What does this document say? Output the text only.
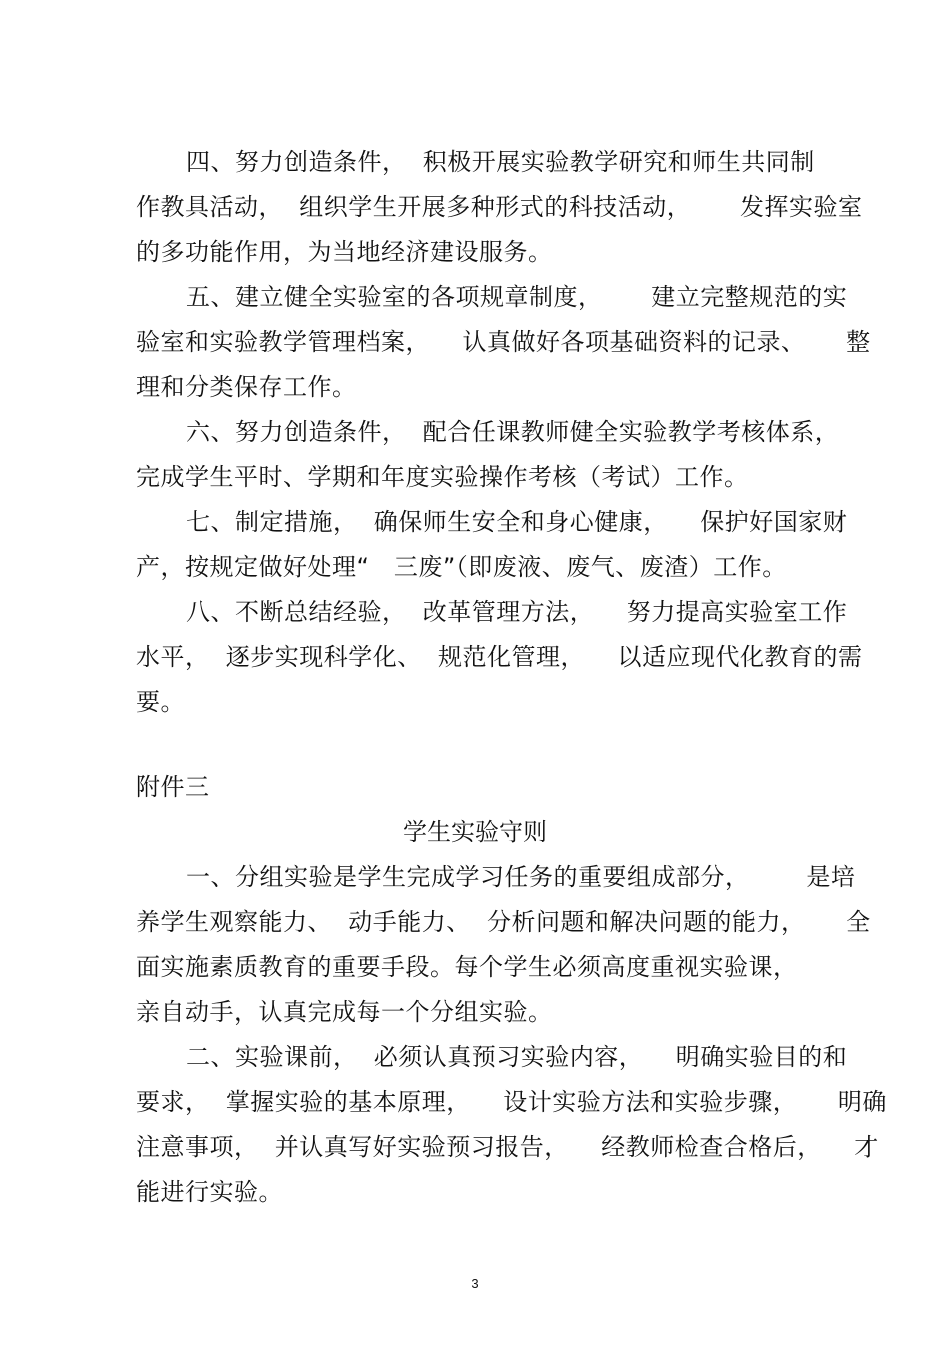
四、努力创造条件，  积极开展实验教学研究和师生共同制
作教具活动，  组织学生开展多种形式的科技活动，      发挥实验室
的多功能作用，为当地经济建设服务。
五、建立健全实验室的各项规章制度，      建立完整规范的实
验室和实验教学管理档案，    认真做好各项基础资料的记录、     整
理和分类保存工作。
六、努力创造条件，  配合任课教师健全实验教学考核体系，
完成学生平时、学期和年度实验操作考核（考试）工作。
七、制定措施，  确保师生安全和身心健康，    保护好国家财
产，按规定做好处理“   三废”（即废液、废气、废渣）工作。
八、不断总结经验，  改革管理方法，    努力提高实验室工作
水平，  逐步实现科学化、  规范化管理，    以适应现代化教育的需
要。
附件三
学生实验守则
一、分组实验是学生完成学习任务的重要组成部分，       是培
养学生观察能力、  动手能力、  分析问题和解决问题的能力，     全
面实施素质教育的重要手段。每个学生必须高度重视实验课，
亲自动手，认真完成每一个分组实验。
二、实验课前，  必须认真预习实验内容，    明确实验目的和
要求，  掌握实验的基本原理，    设计实验方法和实验步骤，     明确
注意事项，  并认真写好实验预习报告，    经教师检查合格后，    才
能进行实验。
3
